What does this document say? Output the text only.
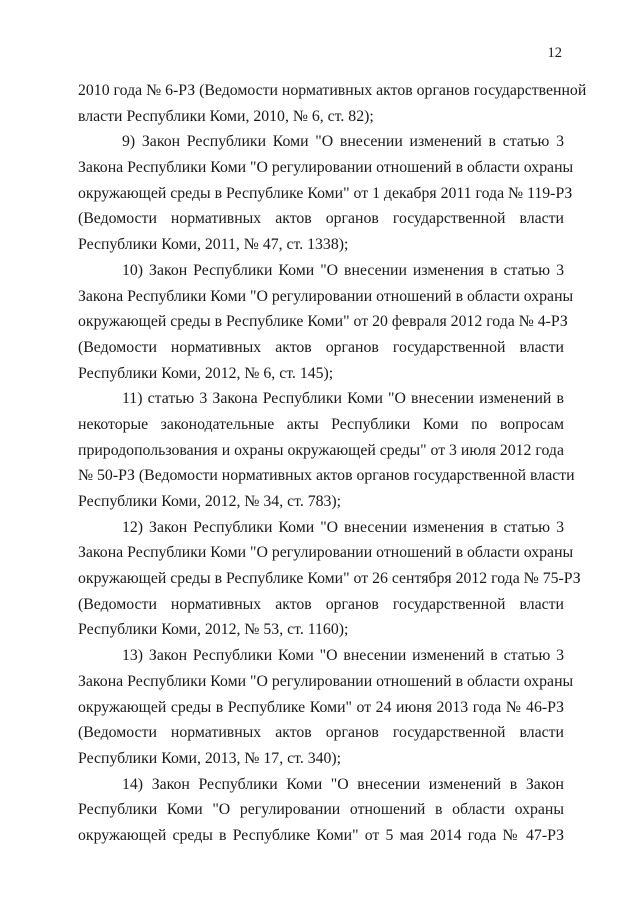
12
2010 года № 6-РЗ (Ведомости нормативных актов органов государственной
власти Республики Коми, 2010, № 6, ст. 82);
9) Закон Республики Коми "О внесении изменений в статью 3
Закона Республики Коми "О регулировании отношений в области охраны
окружающей среды в Республике Коми" от 1 декабря 2011 года № 119-РЗ
(Ведомости нормативных актов органов государственной власти
Республики Коми, 2011, № 47, ст. 1338);
10) Закон Республики Коми "О внесении изменения в статью 3
Закона Республики Коми "О регулировании отношений в области охраны
окружающей среды в Республике Коми" от 20 февраля 2012 года № 4-РЗ
(Ведомости нормативных актов органов государственной власти
Республики Коми, 2012, № 6, ст. 145);
11) статью 3 Закона Республики Коми "О внесении изменений в
некоторые законодательные акты Республики Коми по вопросам
природопользования и охраны окружающей среды" от 3 июля 2012 года
№ 50-РЗ (Ведомости нормативных актов органов государственной власти
Республики Коми, 2012, № 34, ст. 783);
12) Закон Республики Коми "О внесении изменения в статью 3
Закона Республики Коми "О регулировании отношений в области охраны
окружающей среды в Республике Коми" от 26 сентября 2012 года № 75-РЗ
(Ведомости нормативных актов органов государственной власти
Республики Коми, 2012, № 53, ст. 1160);
13) Закон Республики Коми "О внесении изменений в статью 3
Закона Республики Коми "О регулировании отношений в области охраны
окружающей среды в Республике Коми" от 24 июня 2013 года № 46-РЗ
(Ведомости нормативных актов органов государственной власти
Республики Коми, 2013, № 17, ст. 340);
14) Закон Республики Коми "О внесении изменений в Закон
Республики Коми "О регулировании отношений в области охраны
окружающей среды в Республике Коми" от 5 мая 2014 года № 47-РЗ
